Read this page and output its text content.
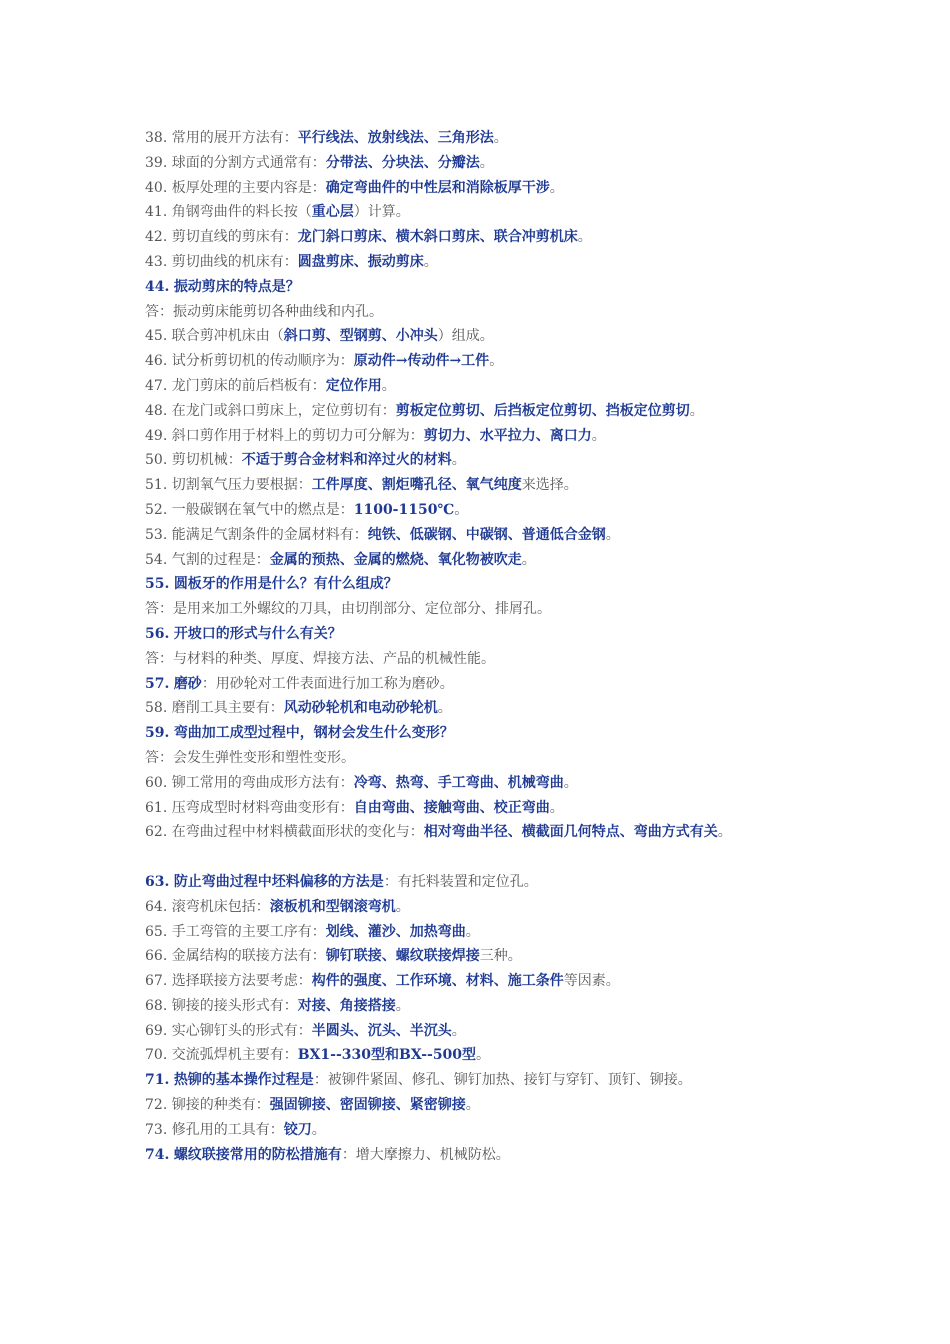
38. 常用的展开方法有：平行线法、放射线法、三角形法。
39. 球面的分割方式通常有：分带法、分块法、分瓣法。
40. 板厚处理的主要内容是：确定弯曲件的中性层和消除板厚干涉。
41. 角钢弯曲件的料长按（重心层）计算。
42. 剪切直线的剪床有：龙门斜口剪床、横木斜口剪床、联合冲剪机床。
43. 剪切曲线的机床有：圆盘剪床、振动剪床。
44. 振动剪床的特点是？
答：振动剪床能剪切各种曲线和内孔。
45. 联合剪冲机床由（斜口剪、型钢剪、小冲头）组成。
46. 试分析剪切机的传动顺序为：原动件→传动件→工件。
47. 龙门剪床的前后档板有：定位作用。
48. 在龙门或斜口剪床上，定位剪切有：剪板定位剪切、后挡板定位剪切、挡板定位剪切。
49. 斜口剪作用于材料上的剪切力可分解为：剪切力、水平拉力、离口力。
50. 剪切机械：不适于剪合金材料和淬过火的材料。
51. 切割氧气压力要根据：工件厚度、割炬嘴孔径、氧气纯度来选择。
52. 一般碳钢在氧气中的燃点是：1100-1150℃。
53. 能满足气割条件的金属材料有：纯铁、低碳钢、中碳钢、普通低合金钢。
54. 气割的过程是：金属的预热、金属的燃烧、氧化物被吹走。
55. 圆板牙的作用是什么？有什么组成？
答：是用来加工外螺纹的刀具，由切削部分、定位部分、排屑孔。
56. 开坡口的形式与什么有关？
答：与材料的种类、厚度、焊接方法、产品的机械性能。
57. 磨砂：用砂轮对工件表面进行加工称为磨砂。
58. 磨削工具主要有：风动砂轮机和电动砂轮机。
59. 弯曲加工成型过程中，钢材会发生什么变形？
答：会发生弹性变形和塑性变形。
60. 铆工常用的弯曲成形方法有：冷弯、热弯、手工弯曲、机械弯曲。
61. 压弯成型时材料弯曲变形有：自由弯曲、接触弯曲、校正弯曲。
62. 在弯曲过程中材料横截面形状的变化与：相对弯曲半径、横截面几何特点、弯曲方式有关。
63. 防止弯曲过程中坯料偏移的方法是：有托料装置和定位孔。
64. 滚弯机床包括：滚板机和型钢滚弯机。
65. 手工弯管的主要工序有：划线、灌沙、加热弯曲。
66. 金属结构的联接方法有：铆钉联接、螺纹联接焊接三种。
67. 选择联接方法要考虑：构件的强度、工作环境、材料、施工条件等因素。
68. 铆接的接头形式有：对接、角接搭接。
69. 实心铆钉头的形式有：半圆头、沉头、半沉头。
70. 交流弧焊机主要有：BX1--330型和BX--500型。
71. 热铆的基本操作过程是：被铆件紧固、修孔、铆钉加热、接钉与穿钉、顶钉、铆接。
72. 铆接的种类有：强固铆接、密固铆接、紧密铆接。
73. 修孔用的工具有：铰刀。
74. 螺纹联接常用的防松措施有：增大摩擦力、机械防松。
